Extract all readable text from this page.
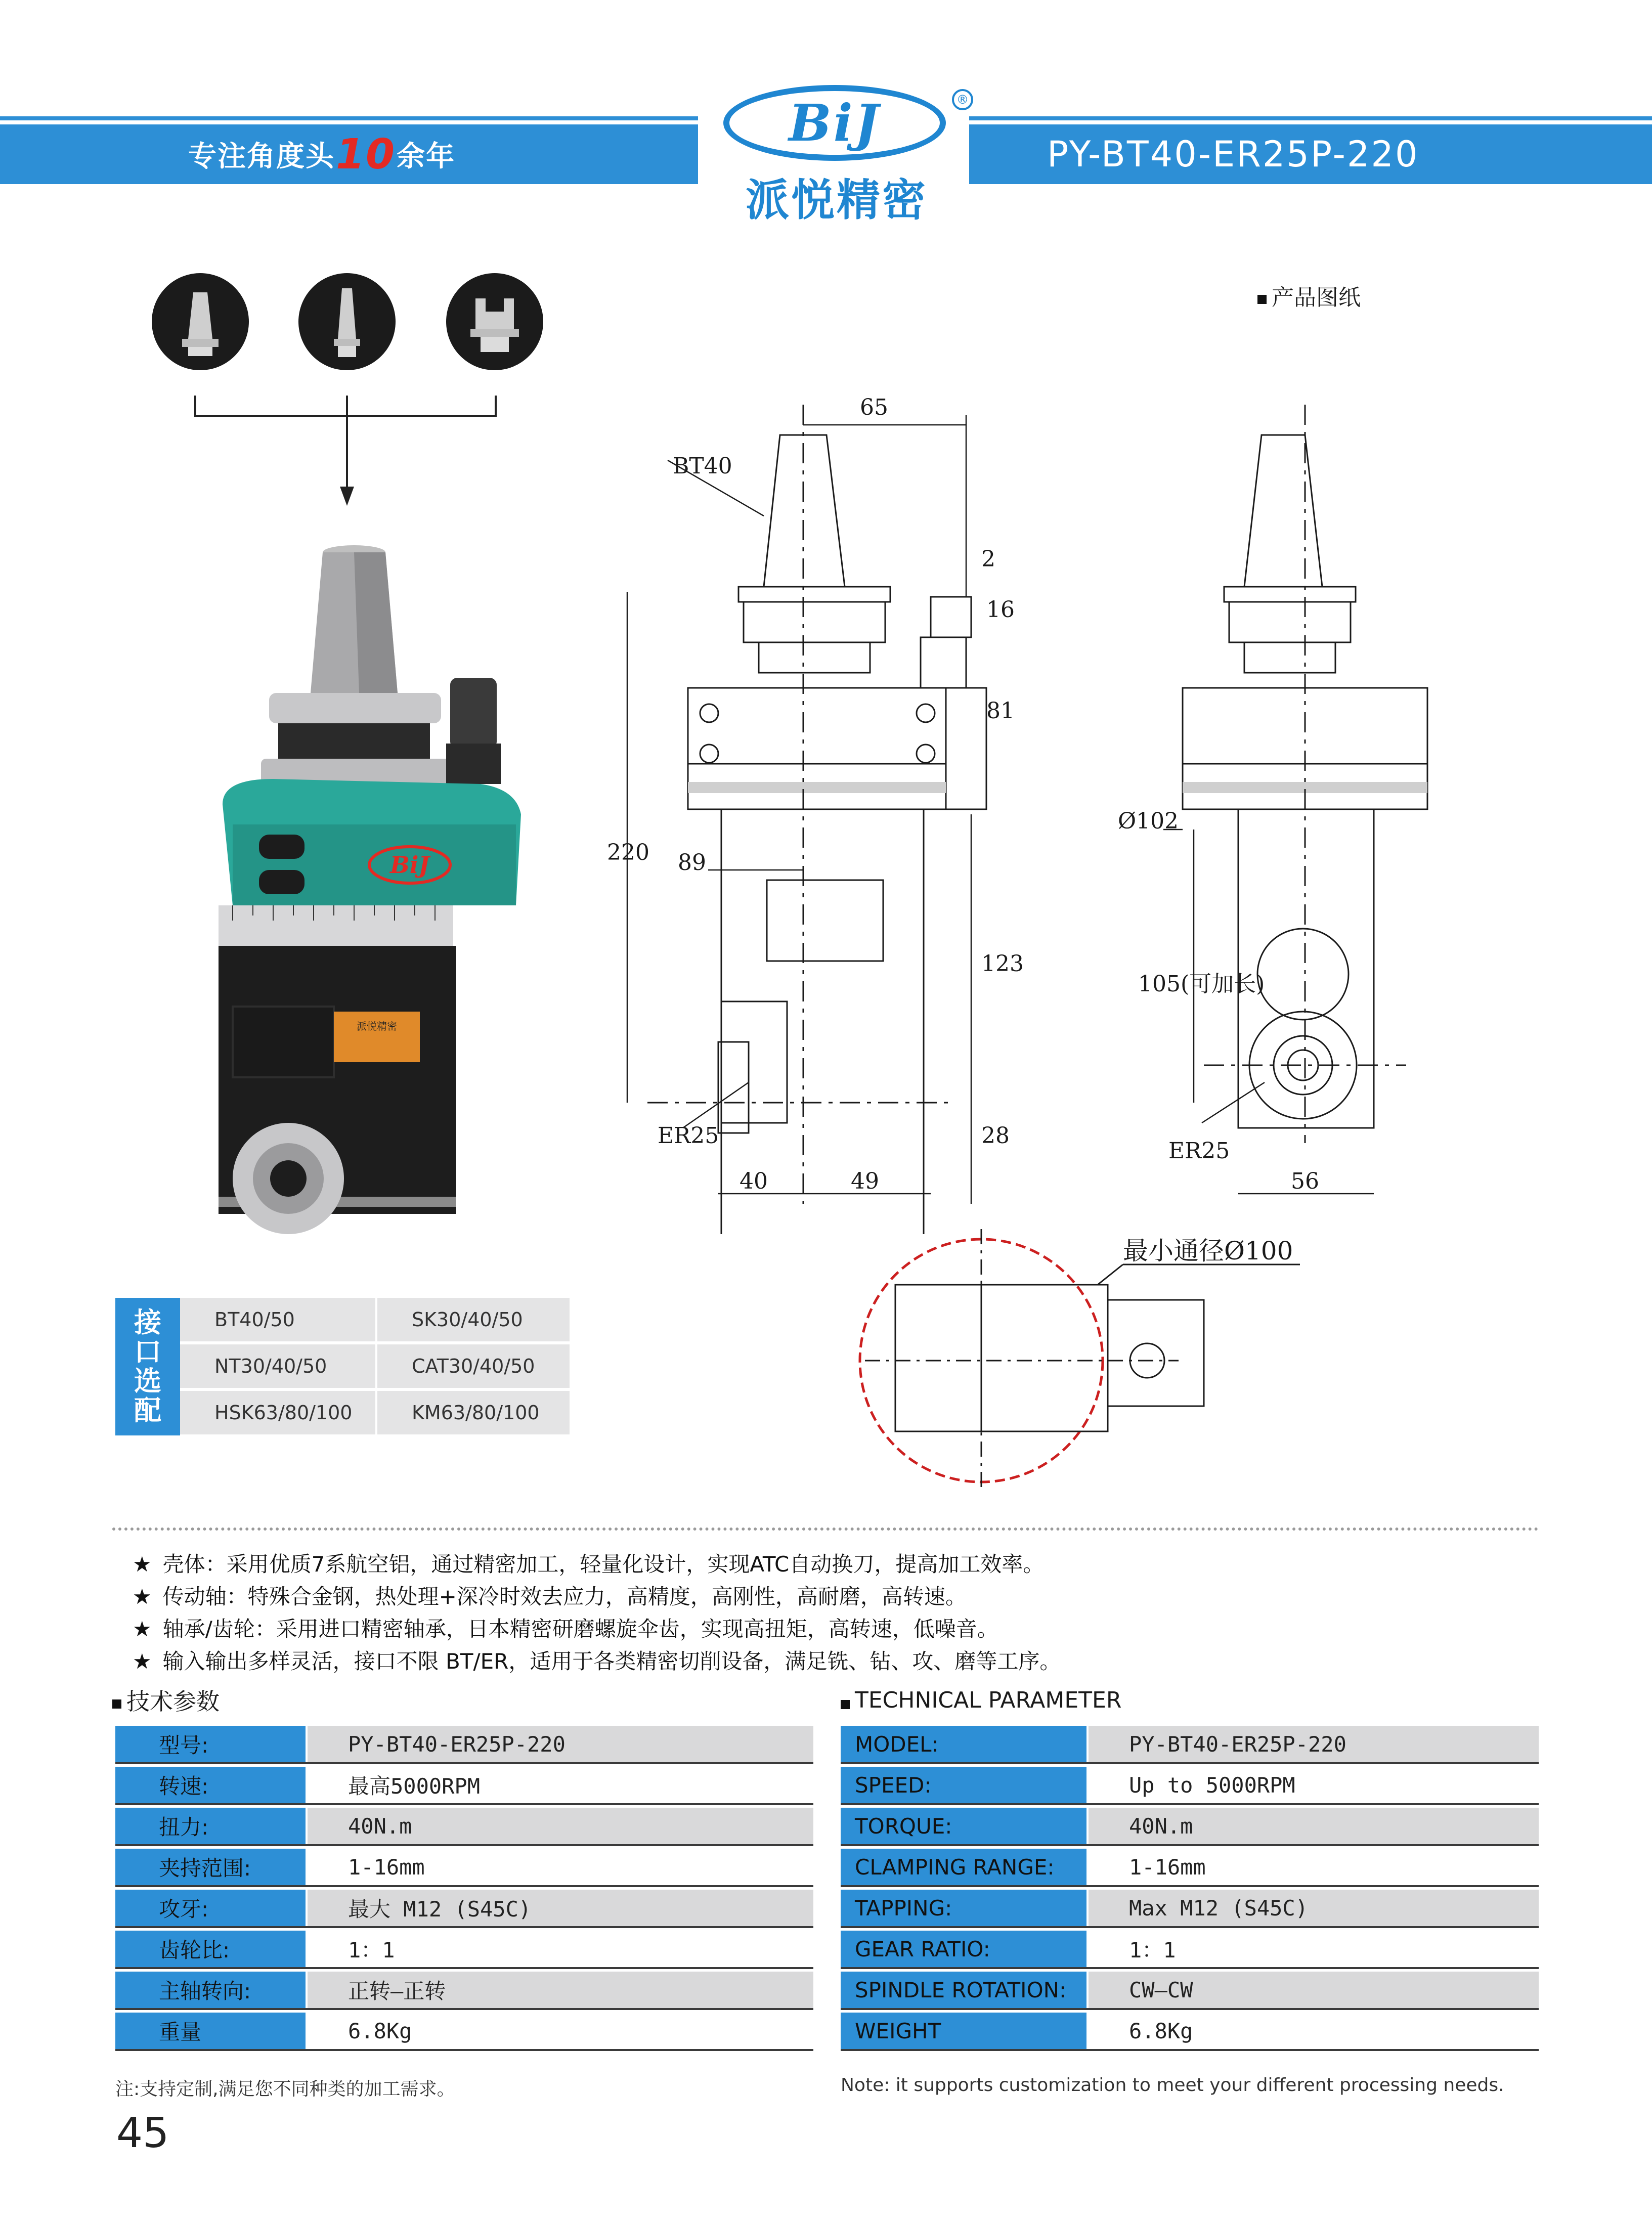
专注角度头 10 余年	PY-BT40-ER25P-220
BiJ	®
派悦精密
BiJ
派悦精密
产品图纸
65
BT40
2
16
81
220 89
123
28
ER25
40	49
Ø102
105(可加长)
ER25
56
最小通径Ø100
接
口
选
配
BT40/50	SK30/40/50
NT30/40/50	CAT30/40/50
HSK63/80/100	KM63/80/100
★ 壳体：采用优质7系航空铝，通过精密加工，轻量化设计，实现ATC自动换刀，提高加工效率。
★ 传动轴：特殊合金钢，热处理+深冷时效去应力，高精度，高刚性，高耐磨，高转速。
★ 轴承/齿轮：采用进口精密轴承，日本精密研磨螺旋伞齿，实现高扭矩，高转速，低噪音。
★ 输入输出多样灵活，接口不限 BT/ER，适用于各类精密切削设备，满足铣、钻、攻、磨等工序。
技术参数	TECHNICAL PARAMETER
型号:	PY-BT40-ER25P-220
转速:	最高5000RPM
扭力:	40N.m
夹持范围:	1-16mm
攻牙:	最大 M12 (S45C)
齿轮比:	1：1
主轴转向:	正转—正转
重量	6.8Kg
MODEL:	PY-BT40-ER25P-220
SPEED:	Up to 5000RPM
TORQUE:	40N.m
CLAMPING RANGE:	1-16mm
TAPPING:	Max M12 (S45C)
GEAR RATIO:	1：1
SPINDLE ROTATION:	CW—CW
WEIGHT	6.8Kg
注:支持定制,满足您不同种类的加工需求。	Note: it supports customization to meet your different processing needs.
45
